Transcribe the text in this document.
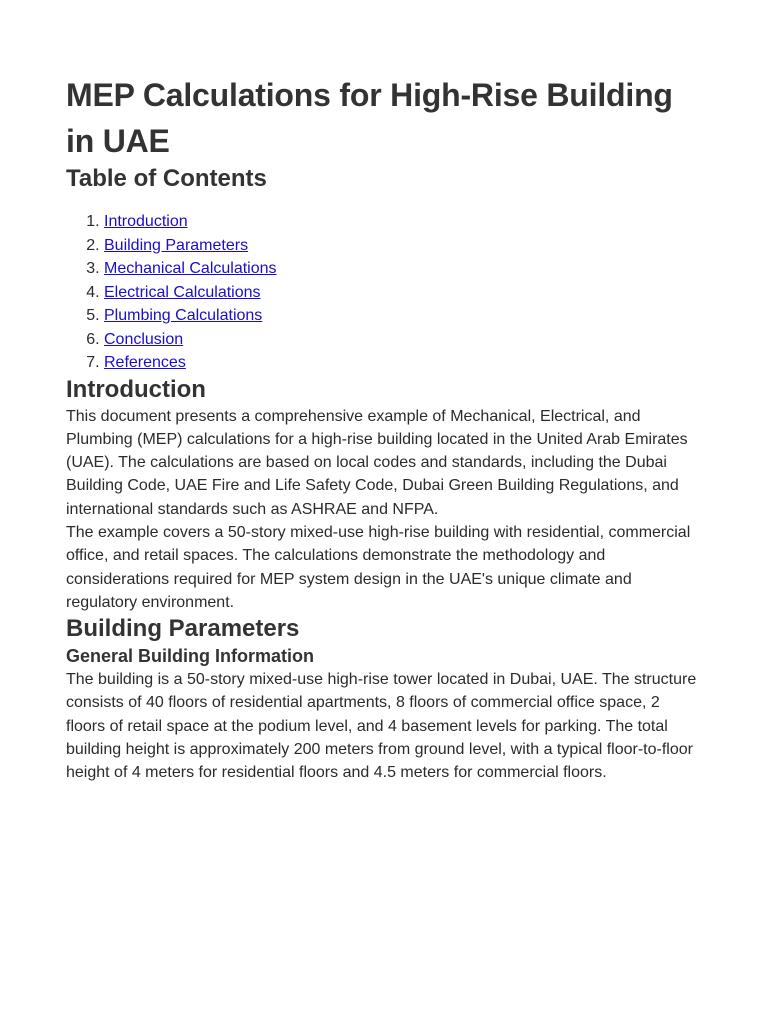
MEP Calculations for High-Rise Building in UAE
Table of Contents
1. Introduction
2. Building Parameters
3. Mechanical Calculations
4. Electrical Calculations
5. Plumbing Calculations
6. Conclusion
7. References
Introduction

This document presents a comprehensive example of Mechanical, Electrical, and Plumbing (MEP) calculations for a high-rise building located in the United Arab Emirates (UAE). The calculations are based on local codes and standards, including the Dubai Building Code, UAE Fire and Life Safety Code, Dubai Green Building Regulations, and international standards such as ASHRAE and NFPA.

The example covers a 50-story mixed-use high-rise building with residential, commercial office, and retail spaces. The calculations demonstrate the methodology and considerations required for MEP system design in the UAE's unique climate and regulatory environment.

Building Parameters
General Building Information

The building is a 50-story mixed-use high-rise tower located in Dubai, UAE. The structure consists of 40 floors of residential apartments, 8 floors of commercial office space, 2 floors of retail space at the podium level, and 4 basement levels for parking. The total building height is approximately 200 meters from ground level, with a typical floor-to-floor height of 4 meters for residential floors and 4.5 meters for commercial floors.
